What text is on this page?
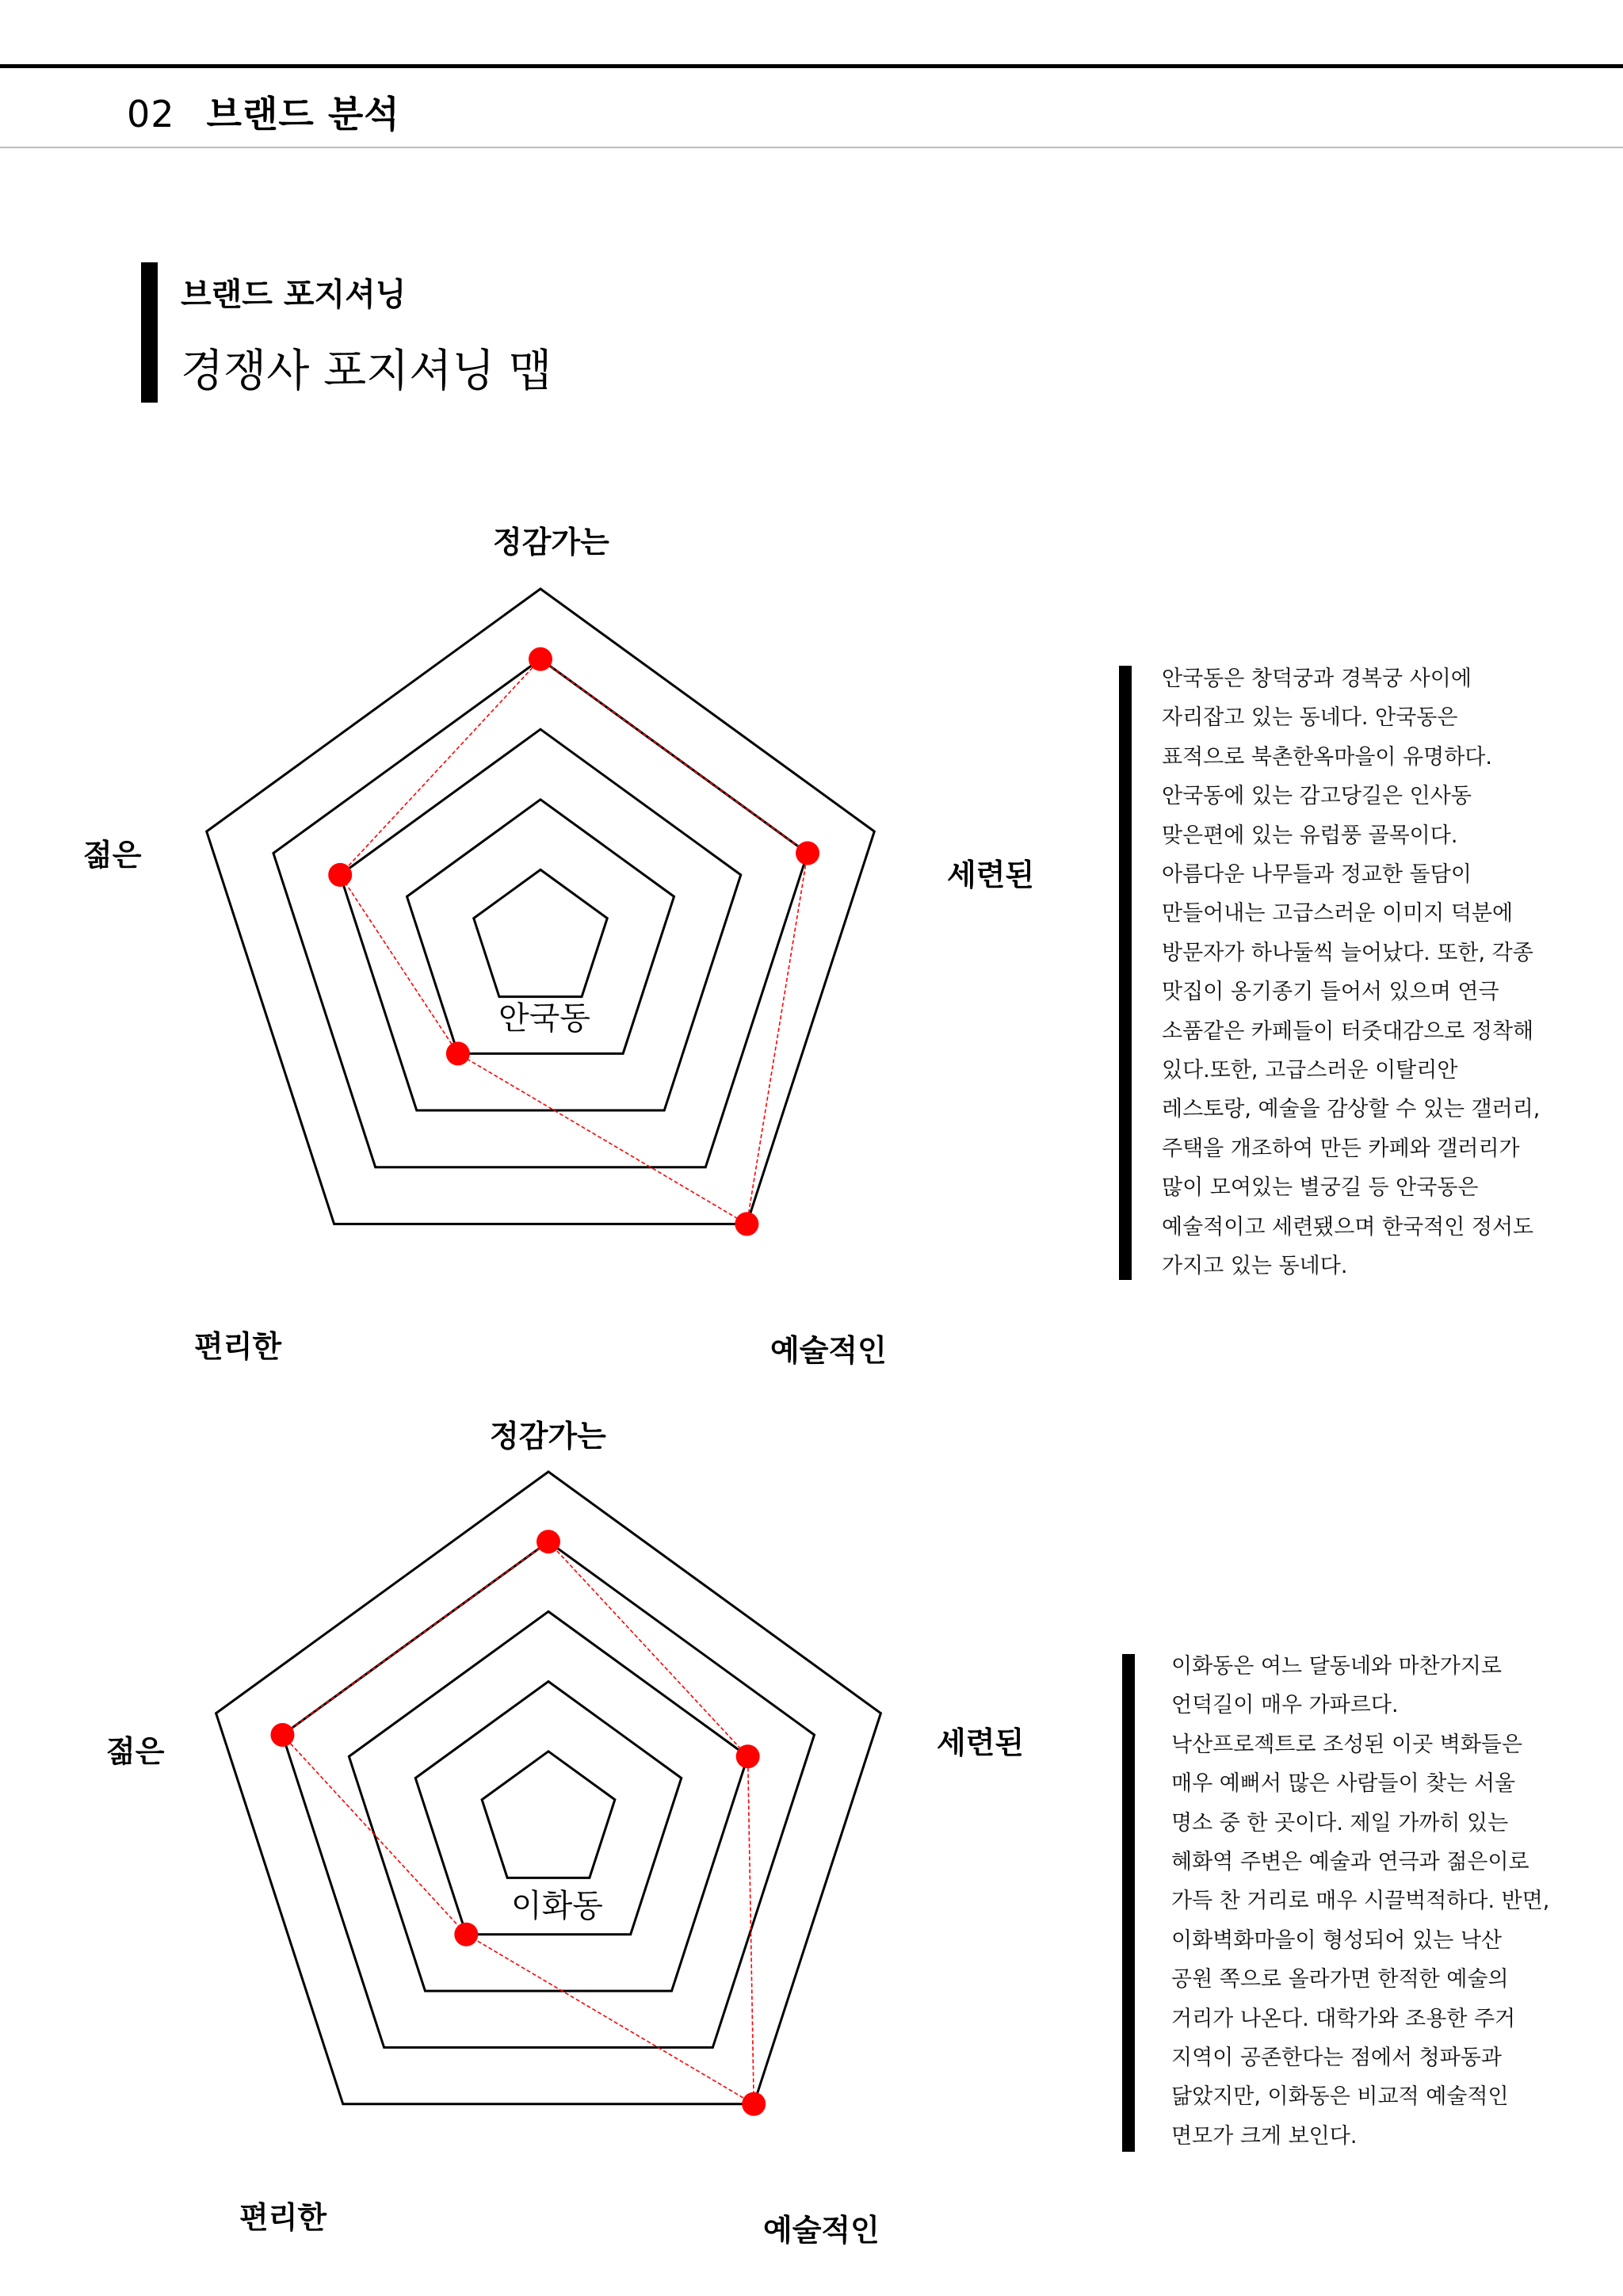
02 브랜드 분석
브랜드 포지셔닝
경쟁사 포지셔닝 맵
정감가는
세련된
예술적인
편리한
젊은
안국동
안국동은 창덕궁과 경복궁 사이에
자리잡고 있는 동네다. 안국동은
표적으로 북촌한옥마을이 유명하다.
안국동에 있는 감고당길은 인사동
맞은편에 있는 유럽풍 골목이다.
아름다운 나무들과 정교한 돌담이
만들어내는 고급스러운 이미지 덕분에
방문자가 하나둘씩 늘어났다. 또한, 각종
맛집이 옹기종기 들어서 있으며 연극
소품같은 카페들이 터줏대감으로 정착해
있다.또한, 고급스러운 이탈리안
레스토랑, 예술을 감상할 수 있는 갤러리,
주택을 개조하여 만든 카페와 갤러리가
많이 모여있는 별궁길 등 안국동은
예술적이고 세련됐으며 한국적인 정서도
가지고 있는 동네다.
정감가는
세련된
예술적인
편리한
젊은
이화동
이화동은 여느 달동네와 마찬가지로
언덕길이 매우 가파르다.
낙산프로젝트로 조성된 이곳 벽화들은
매우 예뻐서 많은 사람들이 찾는 서울
명소 중 한 곳이다. 제일 가까히 있는
혜화역 주변은 예술과 연극과 젊은이로
가득 찬 거리로 매우 시끌벅적하다. 반면,
이화벽화마을이 형성되어 있는 낙산
공원 쪽으로 올라가면 한적한 예술의
거리가 나온다. 대학가와 조용한 주거
지역이 공존한다는 점에서 청파동과
닮았지만, 이화동은 비교적 예술적인
면모가 크게 보인다.
